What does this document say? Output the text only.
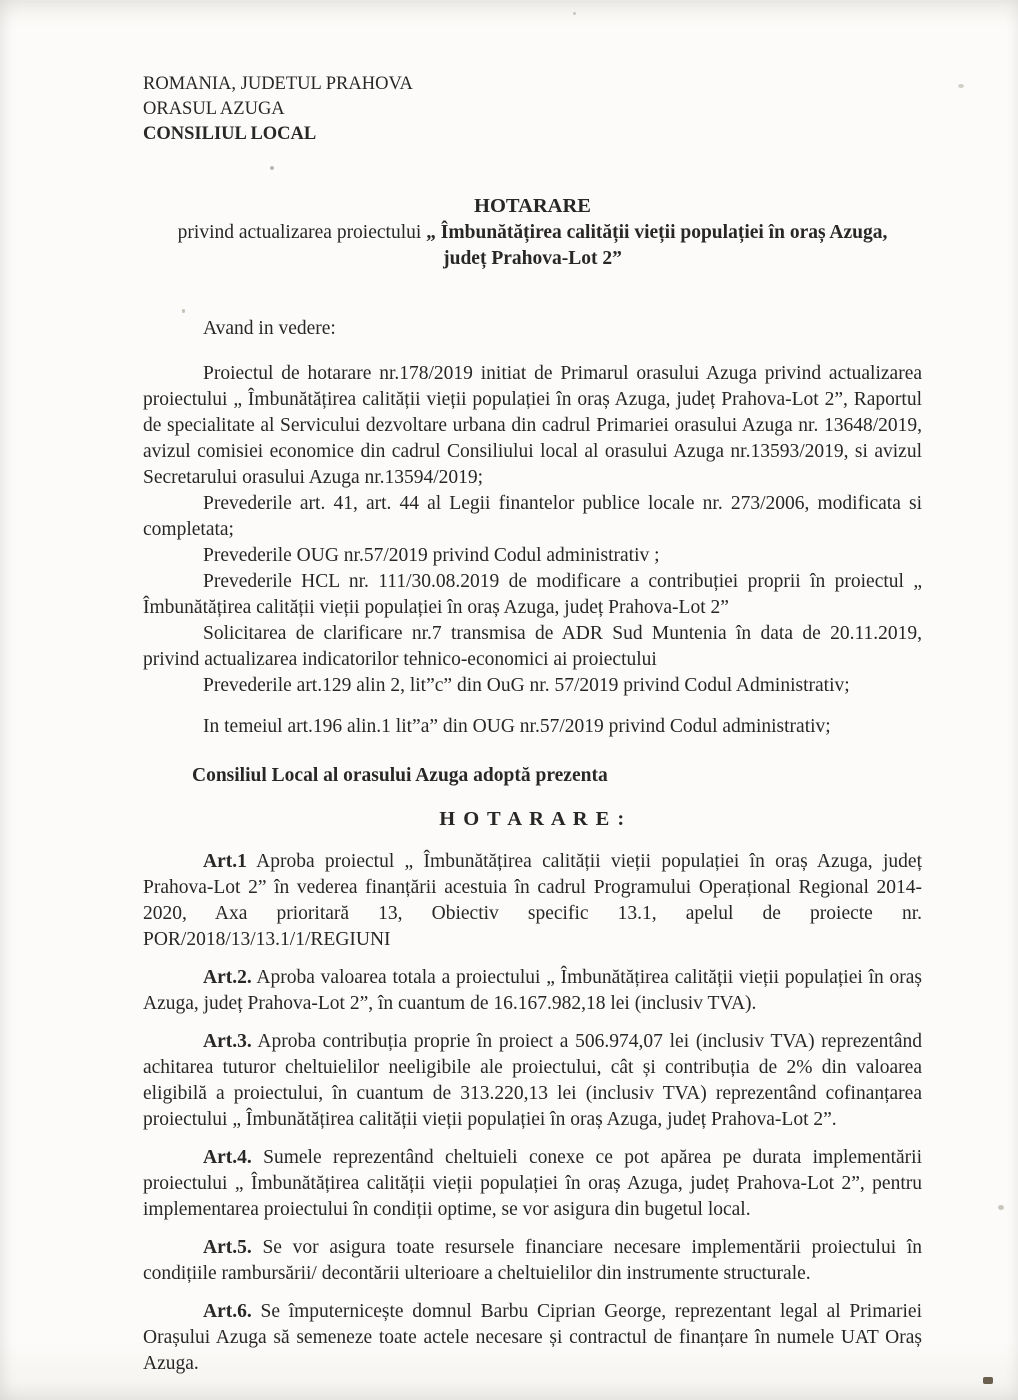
ROMANIA, JUDETUL PRAHOVA
ORASUL AZUGA
CONSILIUL LOCAL
HOTARARE
privind actualizarea proiectului „ Îmbunătățirea calității vieții populației în oraș Azuga,
județ Prahova-Lot 2”

Avand in vedere:

Proiectul de hotarare nr.178/2019 initiat de Primarul orasului Azuga privind actualizarea proiectului „ Îmbunătățirea calității vieții populației în oraș Azuga, județ Prahova-Lot 2”, Raportul de specialitate al Servicului dezvoltare urbana din cadrul Primariei orasului Azuga nr. 13648/2019, avizul comisiei economice din cadrul Consiliului local al orasului Azuga nr.13593/2019, si avizul Secretarului orasului Azuga nr.13594/2019;

Prevederile art. 41, art. 44 al Legii finantelor publice locale nr. 273/2006, modificata si completata;

Prevederile OUG nr.57/2019 privind Codul administrativ ;

Prevederile HCL nr. 111/30.08.2019 de modificare a contribuției proprii în proiectul „ Îmbunătățirea calității vieții populației în oraș Azuga, județ Prahova-Lot 2”

Solicitarea de clarificare nr.7 transmisa de ADR Sud Muntenia în data de 20.11.2019, privind actualizarea indicatorilor tehnico-economici ai proiectului

Prevederile art.129 alin 2, lit”c” din OuG nr. 57/2019 privind Codul Administrativ;

In temeiul art.196 alin.1 lit”a” din OUG nr.57/2019 privind Codul administrativ;

Consiliul Local al orasului Azuga adoptă prezenta

H O T A R A R E :

Art.1 Aproba proiectul „ Îmbunătățirea calității vieții populației în oraș Azuga, județ Prahova-Lot 2” în vederea finanțării acestuia în cadrul Programului Operațional Regional 2014-2020, Axa prioritară 13, Obiectiv specific 13.1, apelul de proiecte nr. POR/2018/13/13.1/1/REGIUNI

Art.2. Aproba valoarea totala a proiectului „ Îmbunătățirea calității vieții populației în oraș Azuga, județ Prahova-Lot 2”, în cuantum de 16.167.982,18 lei (inclusiv TVA).

Art.3. Aproba contribuția proprie în proiect a 506.974,07 lei (inclusiv TVA) reprezentând achitarea tuturor cheltuielilor neeligibile ale proiectului, cât și contribuția de 2% din valoarea eligibilă a proiectului, în cuantum de 313.220,13 lei (inclusiv TVA) reprezentând cofinanțarea proiectului „ Îmbunătățirea calității vieții populației în oraș Azuga, județ Prahova-Lot 2”.

Art.4. Sumele reprezentând cheltuieli conexe ce pot apărea pe durata implementării proiectului „ Îmbunătățirea calității vieții populației în oraș Azuga, județ Prahova-Lot 2”, pentru implementarea proiectului în condiții optime, se vor asigura din bugetul local.

Art.5. Se vor asigura toate resursele financiare necesare implementării proiectului în condițiile rambursării/ decontării ulterioare a cheltuielilor din instrumente structurale.

Art.6. Se împuternicește domnul Barbu Ciprian George, reprezentant legal al Primariei Orașului Azuga să semeneze toate actele necesare și contractul de finanțare în numele UAT Oraș Azuga.
